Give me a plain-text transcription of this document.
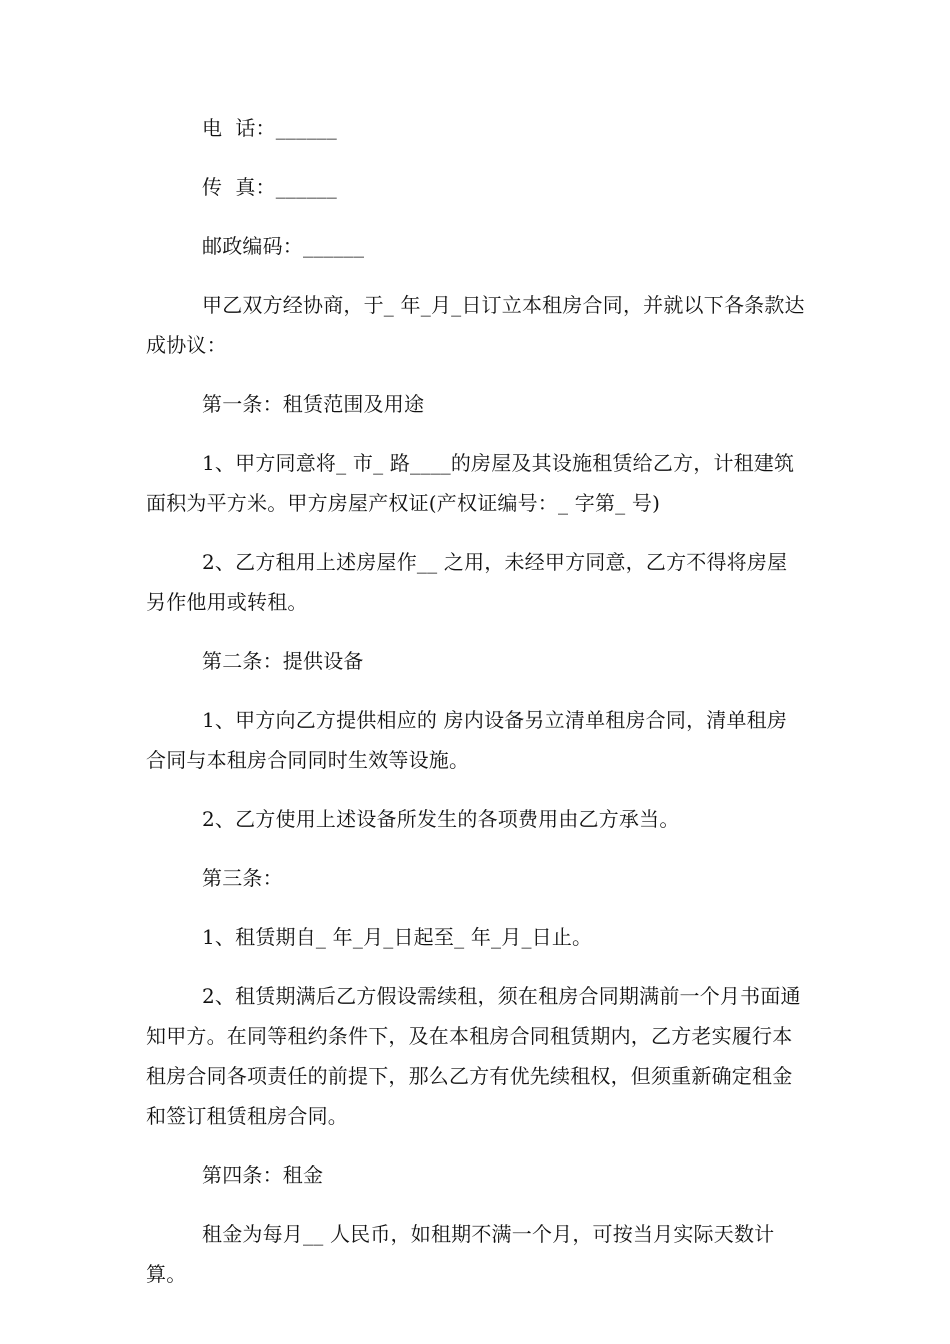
电  话：______

传  真：______

邮政编码：______

甲乙双方经协商，于_ 年_月_日订立本租房合同，并就以下各条款达成协议：

第一条：租赁范围及用途

1、甲方同意将_ 市_ 路____的房屋及其设施租赁给乙方，计租建筑面积为平方米。甲方房屋产权证(产权证编号：_ 字第_ 号)

2、乙方租用上述房屋作__ 之用，未经甲方同意，乙方不得将房屋另作他用或转租。

第二条：提供设备

1、甲方向乙方提供相应的 房内设备另立清单租房合同，清单租房合同与本租房合同同时生效等设施。

2、乙方使用上述设备所发生的各项费用由乙方承当。

第三条：

1、租赁期自_ 年_月_日起至_ 年_月_日止。

2、租赁期满后乙方假设需续租，须在租房合同期满前一个月书面通知甲方。在同等租约条件下，及在本租房合同租赁期内，乙方老实履行本租房合同各项责任的前提下，那么乙方有优先续租权，但须重新确定租金和签订租赁租房合同。

第四条：租金

租金为每月__ 人民币，如租期不满一个月，可按当月实际天数计算。
